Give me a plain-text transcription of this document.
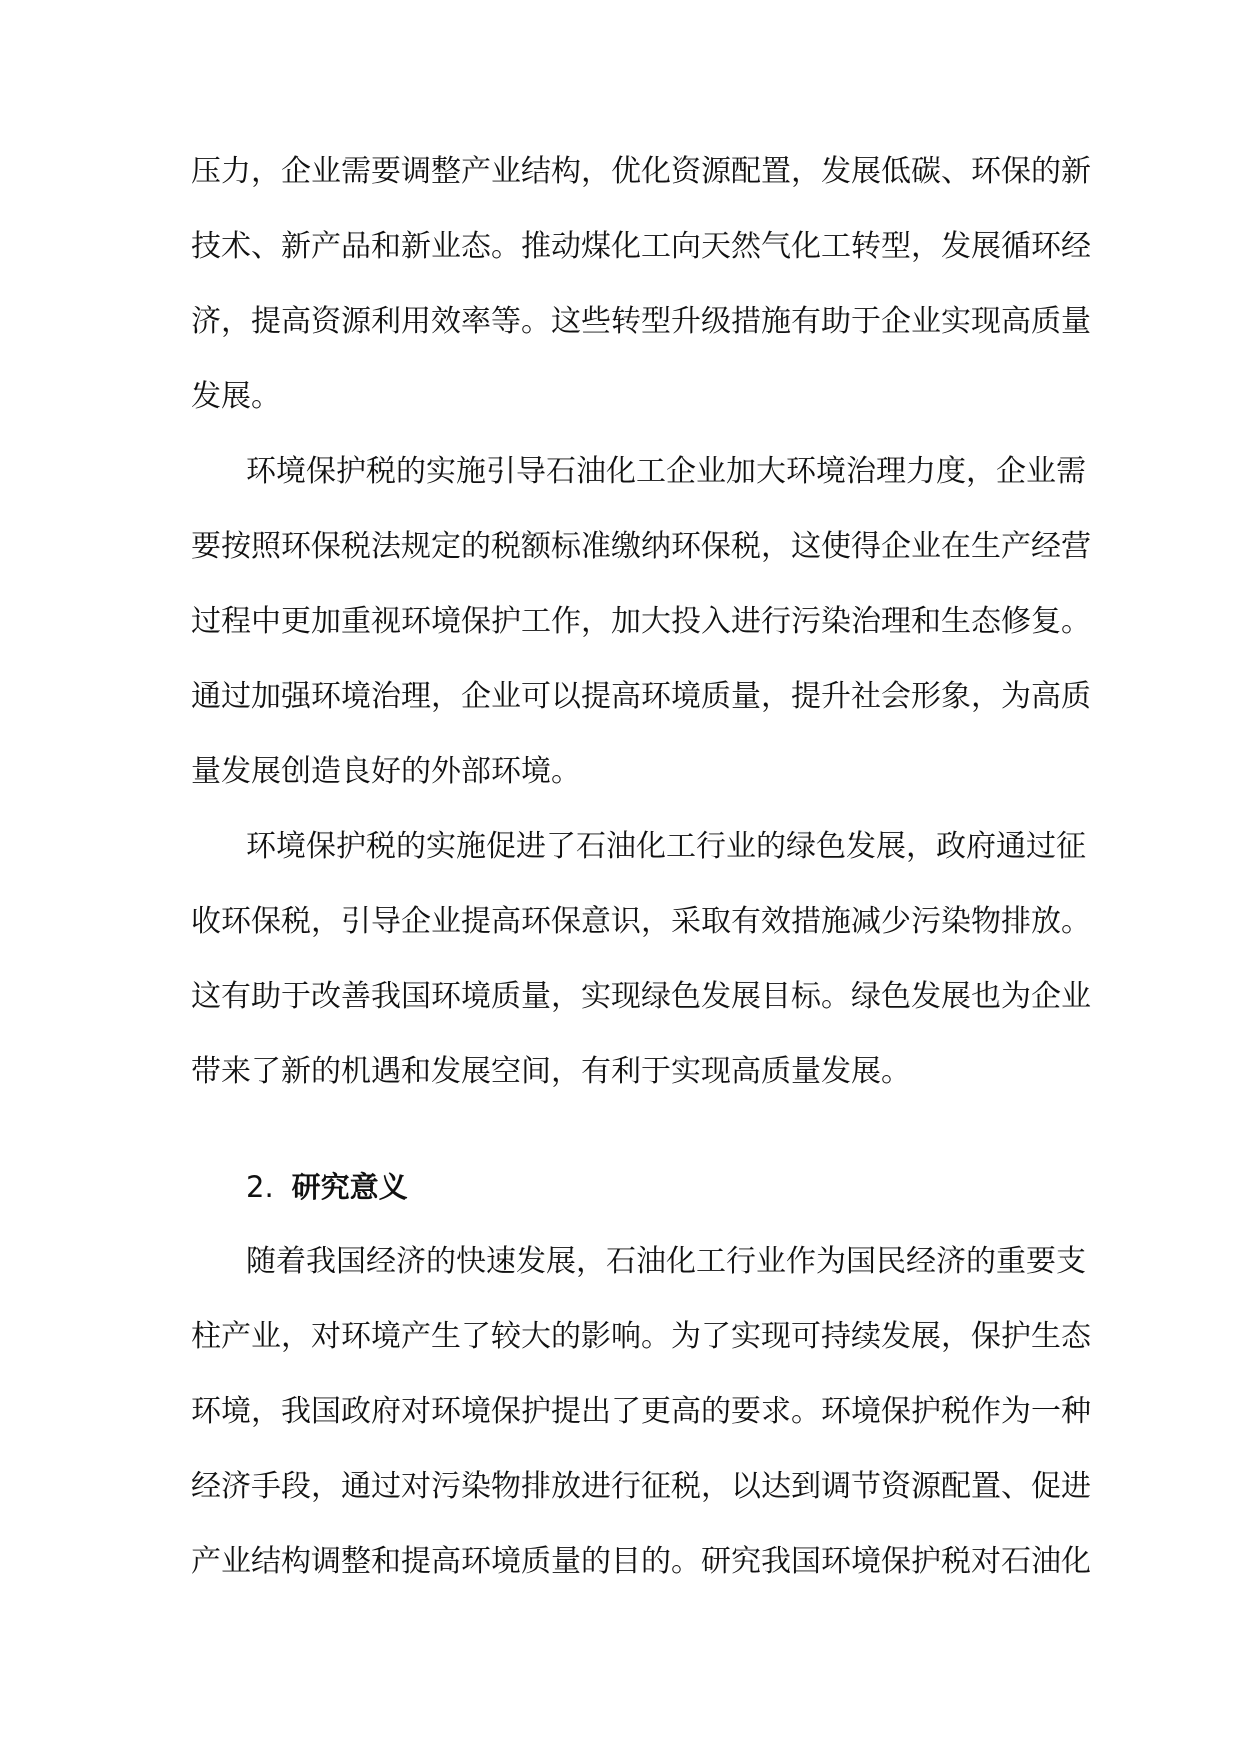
压力，企业需要调整产业结构，优化资源配置，发展低碳、环保的新
技术、新产品和新业态。推动煤化工向天然气化工转型，发展循环经
济，提高资源利用效率等。这些转型升级措施有助于企业实现高质量
发展。
环境保护税的实施引导石油化工企业加大环境治理力度，企业需
要按照环保税法规定的税额标准缴纳环保税，这使得企业在生产经营
过程中更加重视环境保护工作，加大投入进行污染治理和生态修复。
通过加强环境治理，企业可以提高环境质量，提升社会形象，为高质
量发展创造良好的外部环境。
环境保护税的实施促进了石油化工行业的绿色发展，政府通过征
收环保税，引导企业提高环保意识，采取有效措施减少污染物排放。
这有助于改善我国环境质量，实现绿色发展目标。绿色发展也为企业
带来了新的机遇和发展空间，有利于实现高质量发展。
2. 研究意义
随着我国经济的快速发展，石油化工行业作为国民经济的重要支
柱产业，对环境产生了较大的影响。为了实现可持续发展，保护生态
环境，我国政府对环境保护提出了更高的要求。环境保护税作为一种
经济手段，通过对污染物排放进行征税，以达到调节资源配置、促进
产业结构调整和提高环境质量的目的。研究我国环境保护税对石油化
